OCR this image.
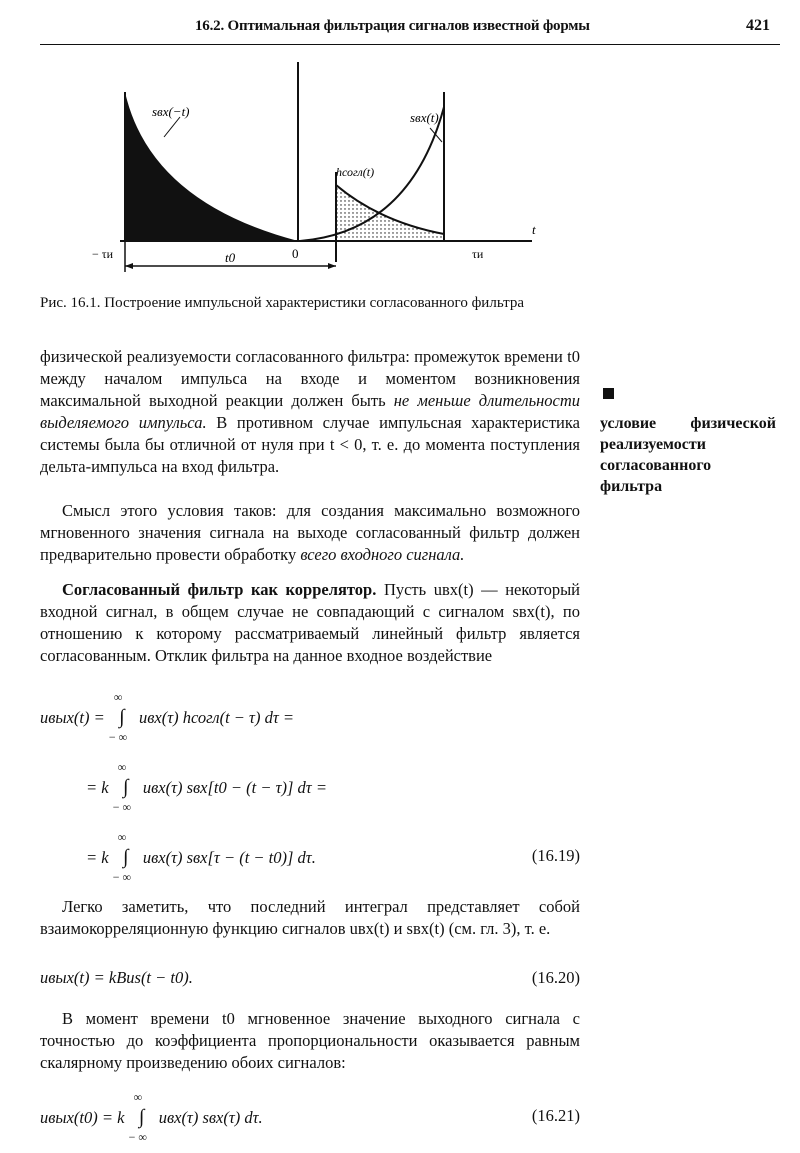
16.2. Оптимальная фильтрация сигналов известной формы	421
sвх(−t)	sвх(t)
hсогл(t)
t
− τи	t0	0	τи
Рис. 16.1. Построение импульсной характеристики согласованного фильтра
условие физической реализуемости согласованного фильтра
физической реализуемости согласованного фильтра: промежуток времени t0 между началом импульса на входе и моментом возникновения максимальной выходной реакции должен быть не меньше длительности выделяемого импульса. В противном случае импульсная характеристика системы была бы отличной от нуля при t < 0, т. е. до момента поступления дельта-импульса на вход фильтра.
Смысл этого условия таков: для создания максимально возможного мгновенного значения сигнала на выходе согласованный фильтр должен предварительно провести обработку всего входного сигнала.
Согласованный фильтр как коррелятор. Пусть uвх(t) — некоторый входной сигнал, в общем случае не совпадающий с сигналом sвх(t), по отношению к которому рассматриваемый линейный фильтр является согласованным. Отклик фильтра на данное входное воздействие
uвых(t) =
∞
∫
− ∞
uвх(τ) hсогл(t − τ) dτ =
= k
∞
∫
− ∞
uвх(τ) sвх[t0 − (t − τ)] dτ =
= k
∞
∫
− ∞
uвх(τ) sвх[τ − (t − t0)] dτ.	(16.19)
Легко заметить, что последний интеграл представляет собой взаимокорреляционную функцию сигналов uвх(t) и sвх(t) (см. гл. 3), т. е.
uвых(t) = kBus(t − t0).	(16.20)
В момент времени t0 мгновенное значение выходного сигнала с точностью до коэффициента пропорциональности оказывается равным скалярному произведению обоих сигналов:
uвых(t0) = k
∞
∫
− ∞
uвх(τ) sвх(τ) dτ.	(16.21)
